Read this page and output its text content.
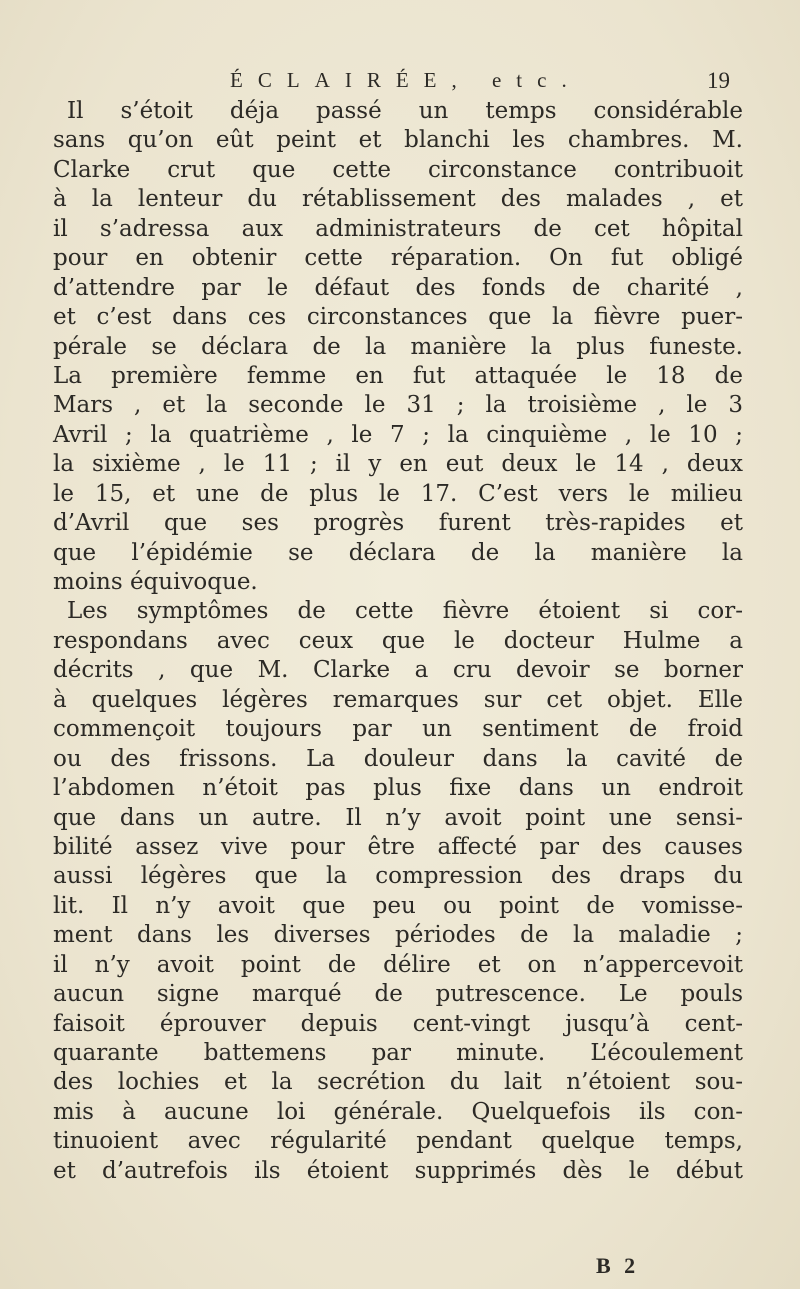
ÉCLAIRÉE, etc.	19
Il s’étoit déja passé un temps considérable
sans qu’on eût peint et blanchi les chambres. M.
Clarke crut que cette circonstance contribuoit
à la lenteur du rétablissement des malades , et
il s’adressa aux administrateurs de cet hôpital
pour en obtenir cette réparation. On fut obligé
d’attendre par le défaut des fonds de charité ,
et c’est dans ces circonstances que la fièvre puer-
pérale se déclara de la manière la plus funeste.
La première femme en fut attaquée le 18 de
Mars , et la seconde le 31 ; la troisième , le 3
Avril ; la quatrième , le 7 ; la cinquième , le 10 ;
la sixième , le 11 ; il y en eut deux le 14 , deux
le 15, et une de plus le 17. C’est vers le milieu
d’Avril que ses progrès furent très-rapides et
que l’épidémie se déclara de la manière la
moins équivoque.
Les symptômes de cette fièvre étoient si cor-
respondans avec ceux que le docteur Hulme a
décrits , que M. Clarke a cru devoir se borner
à quelques légères remarques sur cet objet. Elle
commençoit toujours par un sentiment de froid
ou des frissons. La douleur dans la cavité de
l’abdomen n’étoit pas plus fixe dans un endroit
que dans un autre. Il n’y avoit point une sensi-
bilité assez vive pour être affecté par des causes
aussi légères que la compression des draps du
lit. Il n’y avoit que peu ou point de vomisse-
ment dans les diverses périodes de la maladie ;
il n’y avoit point de délire et on n’appercevoit
aucun signe marqué de putrescence. Le pouls
faisoit éprouver depuis cent-vingt jusqu’à cent-
quarante battemens par minute. L’écoulement
des lochies et la secrétion du lait n’étoient sou-
mis à aucune loi générale. Quelquefois ils con-
tinuoient avec régularité pendant quelque temps,
et d’autrefois ils étoient supprimés dès le début
B 2
